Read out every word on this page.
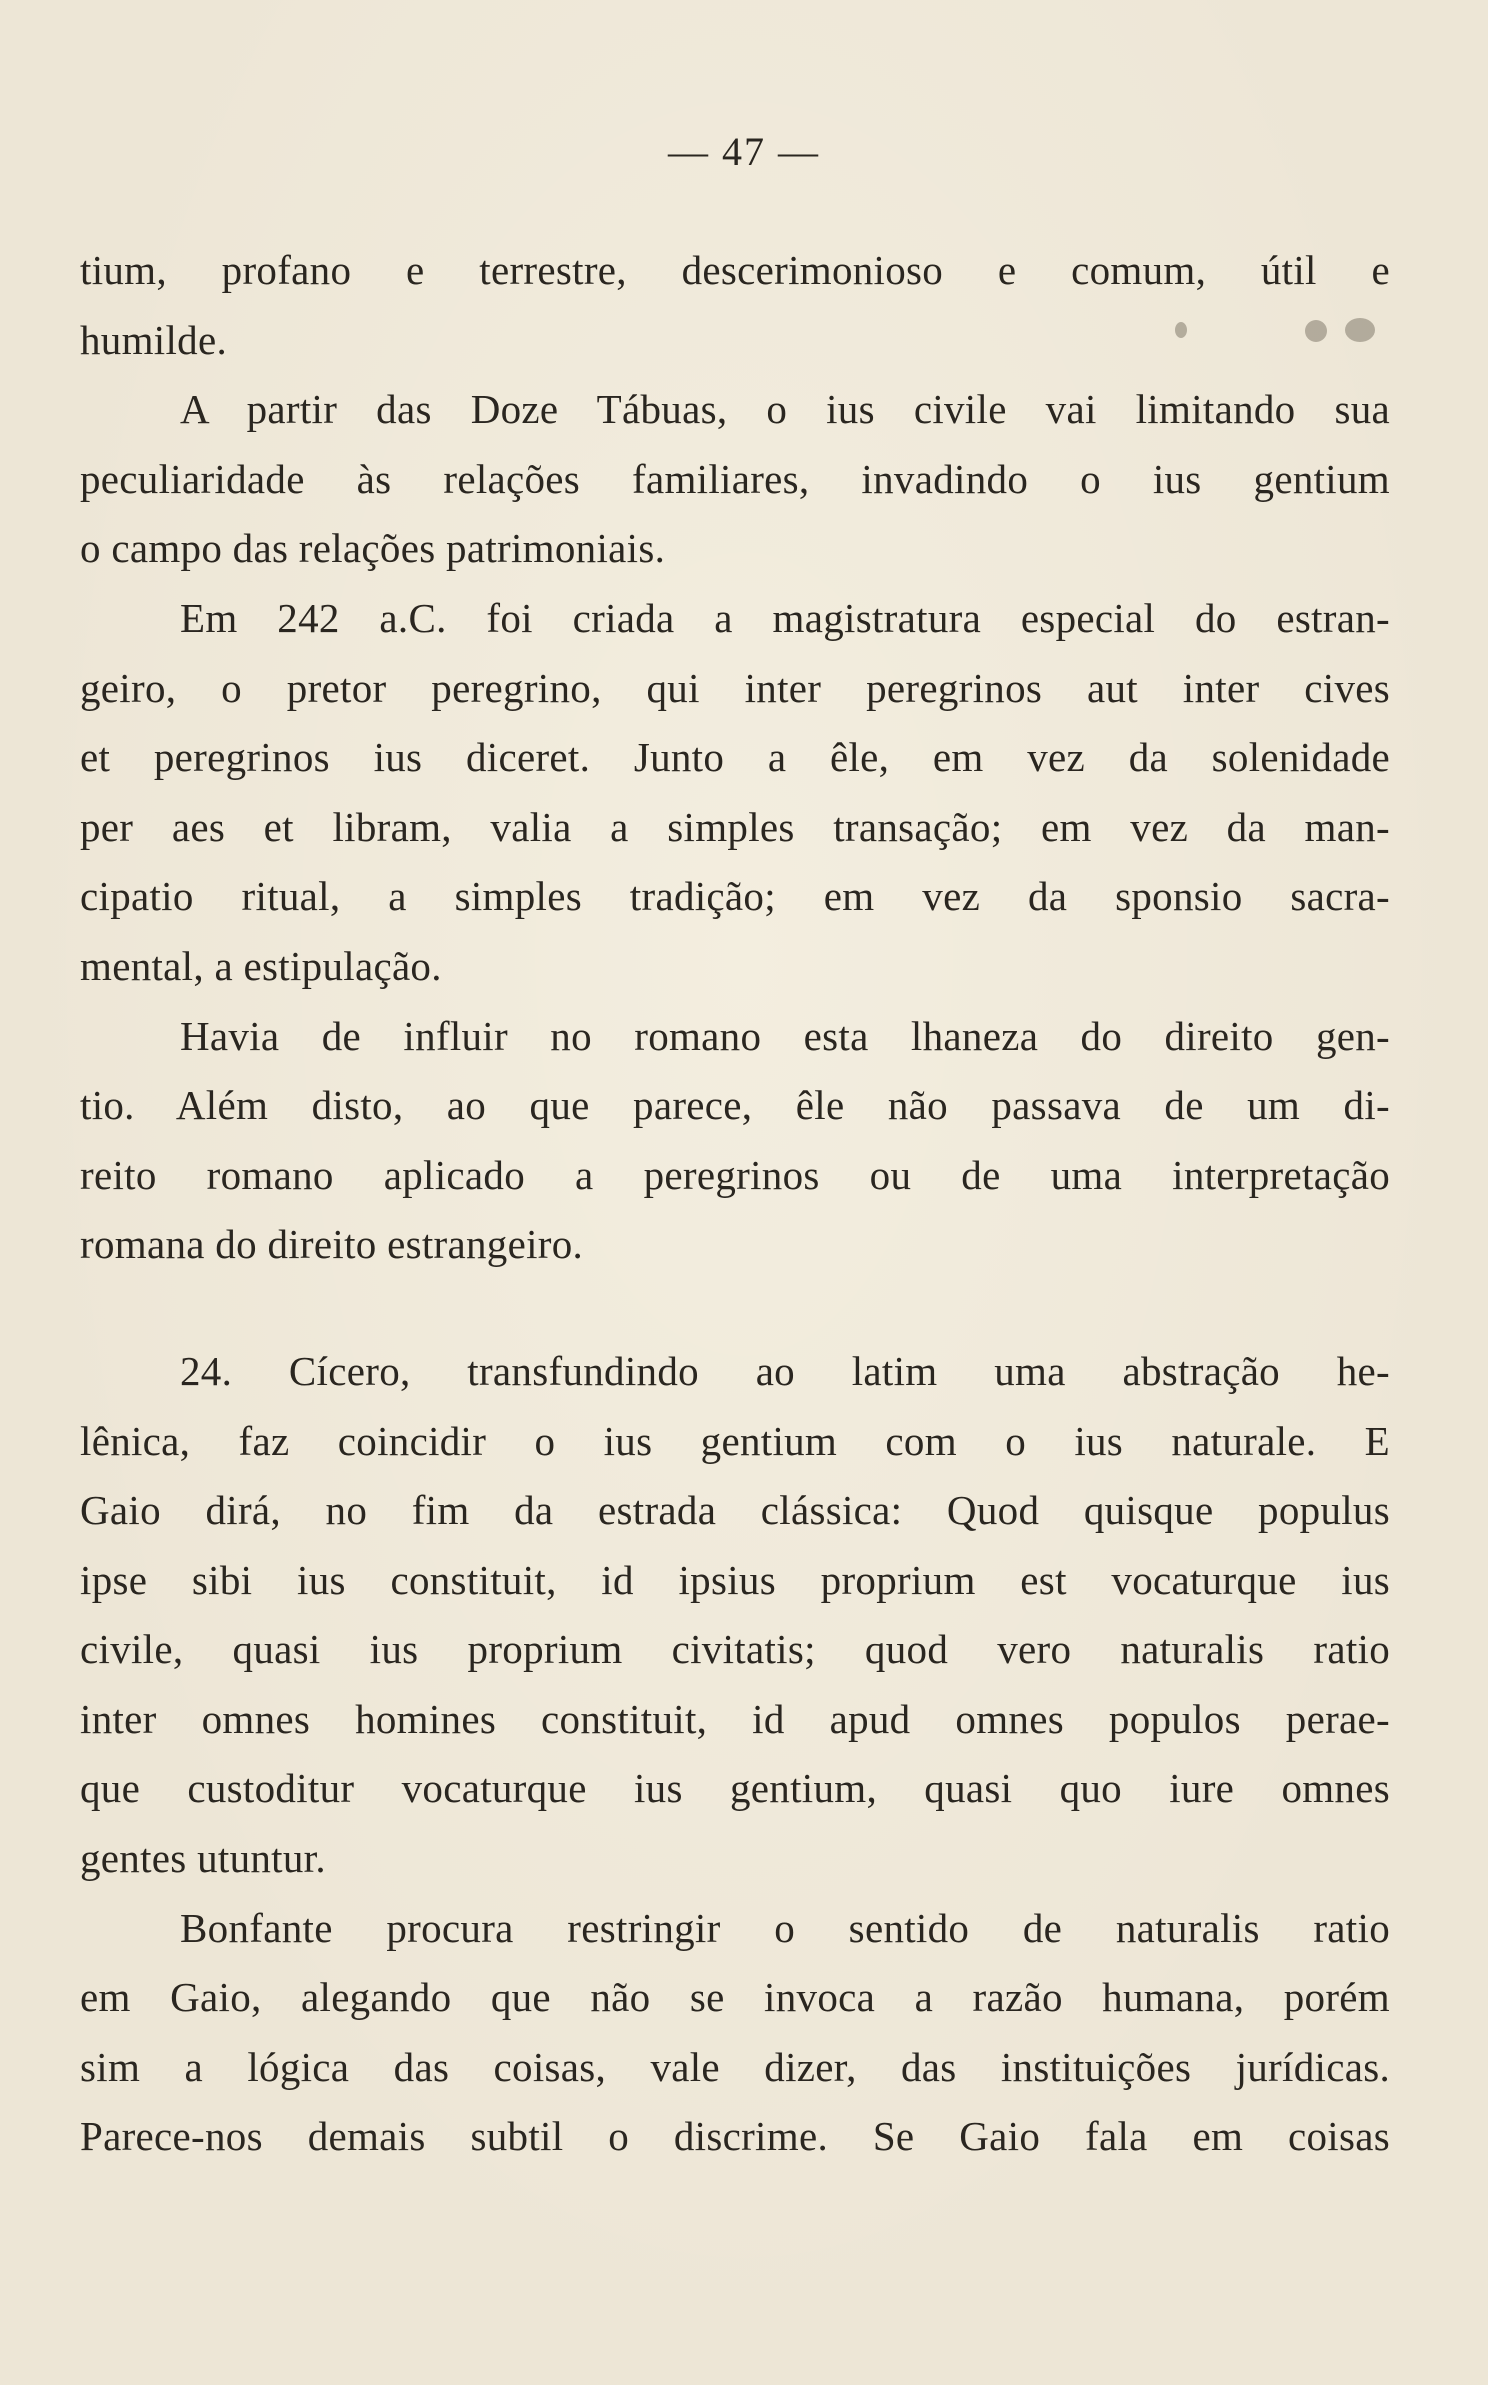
— 47 —
tium, profano e terrestre, descerimonioso e comum, útil e
humilde.
A partir das Doze Tábuas, o ius civile vai limitando sua
peculiaridade às relações familiares, invadindo o ius gentium
o campo das relações patrimoniais.
Em 242 a.C. foi criada a magistratura especial do estran-
geiro, o pretor peregrino, qui inter peregrinos aut inter cives
et peregrinos ius diceret. Junto a êle, em vez da solenidade
per aes et libram, valia a simples transação; em vez da man-
cipatio ritual, a simples tradição; em vez da sponsio sacra-
mental, a estipulação.
Havia de influir no romano esta lhaneza do direito gen-
tio. Além disto, ao que parece, êle não passava de um di-
reito romano aplicado a peregrinos ou de uma interpretação
romana do direito estrangeiro.
24. Cícero, transfundindo ao latim uma abstração he-
lênica, faz coincidir o ius gentium com o ius naturale. E
Gaio dirá, no fim da estrada clássica: Quod quisque populus
ipse sibi ius constituit, id ipsius proprium est vocaturque ius
civile, quasi ius proprium civitatis; quod vero naturalis ratio
inter omnes homines constituit, id apud omnes populos perae-
que custoditur vocaturque ius gentium, quasi quo iure omnes
gentes utuntur.
Bonfante procura restringir o sentido de naturalis ratio
em Gaio, alegando que não se invoca a razão humana, porém
sim a lógica das coisas, vale dizer, das instituições jurídicas.
Parece-nos demais subtil o discrime. Se Gaio fala em coisas
